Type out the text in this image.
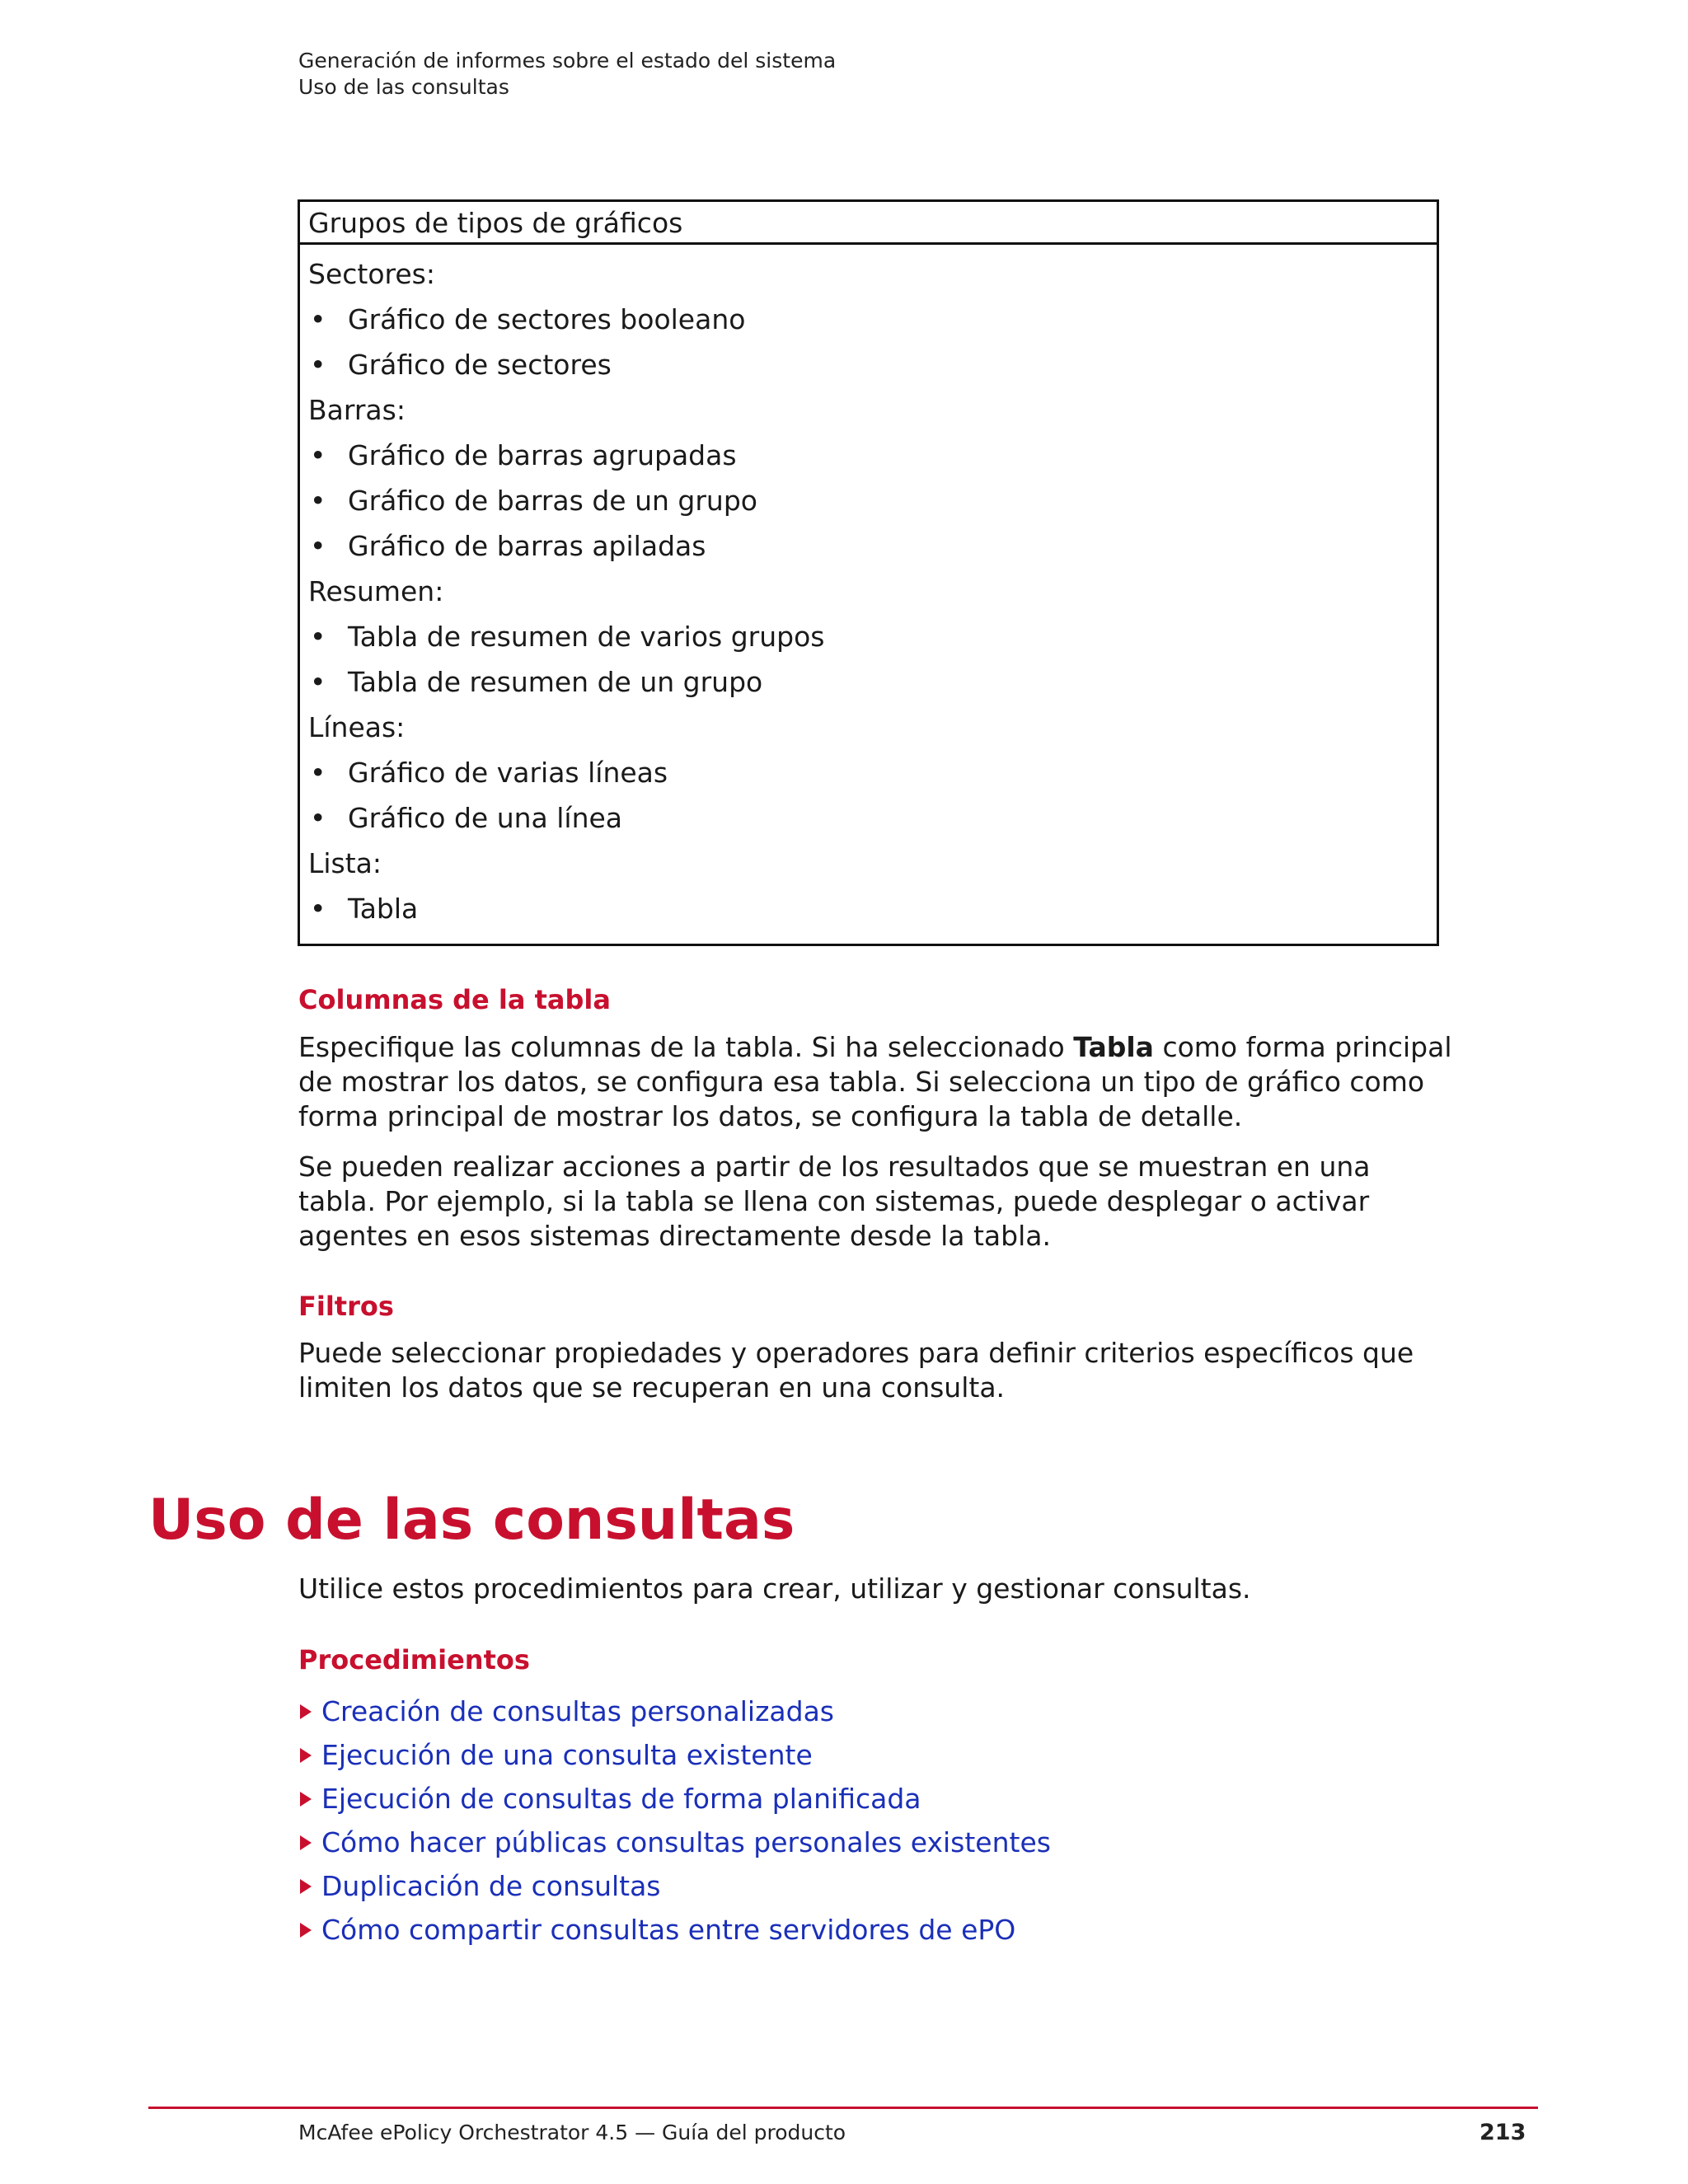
Generación de informes sobre el estado del sistema
Uso de las consultas
Grupos de tipos de gráficos
Sectores:
• Gráfico de sectores booleano
• Gráfico de sectores
Barras:
• Gráfico de barras agrupadas
• Gráfico de barras de un grupo
• Gráfico de barras apiladas
Resumen:
• Tabla de resumen de varios grupos
• Tabla de resumen de un grupo
Líneas:
• Gráfico de varias líneas
• Gráfico de una línea
Lista:
• Tabla
Columnas de la tabla
Especifique las columnas de la tabla. Si ha seleccionado Tabla como forma principal de mostrar los datos, se configura esa tabla. Si selecciona un tipo de gráfico como forma principal de mostrar los datos, se configura la tabla de detalle.
Se pueden realizar acciones a partir de los resultados que se muestran en una tabla. Por ejemplo, si la tabla se llena con sistemas, puede desplegar o activar agentes en esos sistemas directamente desde la tabla.
Filtros
Puede seleccionar propiedades y operadores para definir criterios específicos que limiten los datos que se recuperan en una consulta.
Uso de las consultas
Utilice estos procedimientos para crear, utilizar y gestionar consultas.
Procedimientos
Creación de consultas personalizadas
Ejecución de una consulta existente
Ejecución de consultas de forma planificada
Cómo hacer públicas consultas personales existentes
Duplicación de consultas
Cómo compartir consultas entre servidores de ePO
McAfee ePolicy Orchestrator 4.5 — Guía del producto	213
